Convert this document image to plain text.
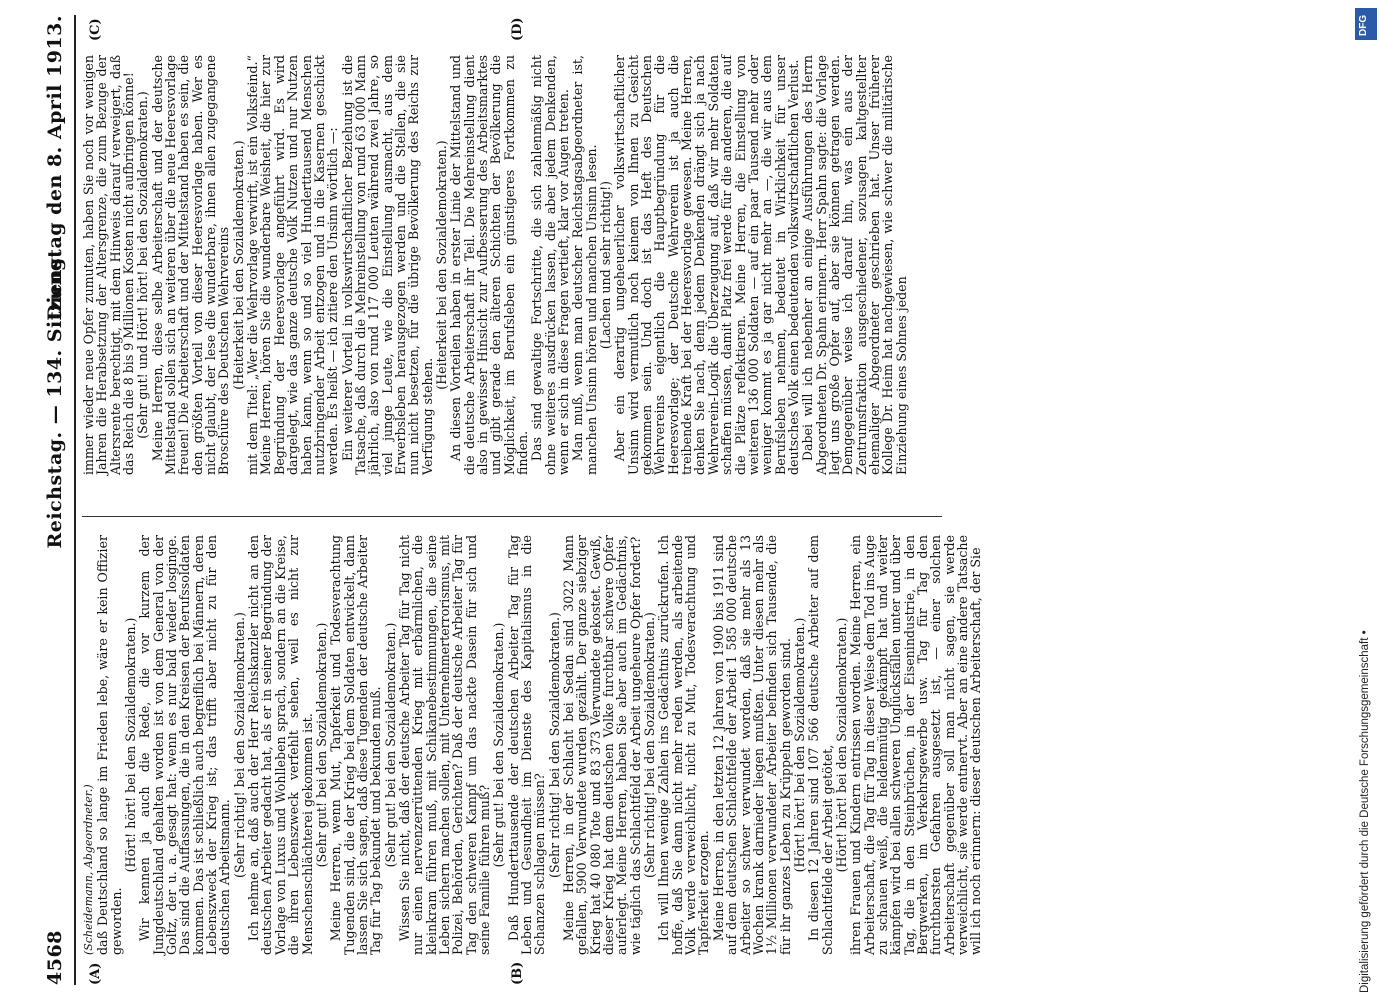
4568
Reichstag. — 134. Sitzung.
Dienstag den 8. April 1913.
(A)	(B)
(C)	(D)

(Scheidemann, Abgeordneter.) daß Deutschland so lange im Frieden lebe, wäre er kein Offizier geworden.

(Hört! hört! bei den Sozialdemokraten.) Wir kennen ja auch die Rede, die vor kurzem der Jungdeutschland gehalten worden ist von dem General von der Goltz, der u. a. gesagt hat: wenn es nur bald wieder losginge. Das sind die Auffassungen, die in den Kreisen der Berufssoldaten kommen. Das ist schließlich auch begreiflich bei Männern, deren Lebenszweck der Krieg ist; das trifft aber nicht zu für den deutschen Arbeitsmann. (Sehr richtig! bei den Sozialdemokraten.) Ich nehme an, daß auch der Herr Reichskanzler nicht an den deutschen Arbeiter gedacht hat, als er in seiner Begründung der Vorlage von Luxus und Wohlleben sprach, sondern an die Kreise, die ihren Lebenszweck verfehlt sehen, weil es nicht zur Menschenschlächterei gekommen ist. (Sehr gut! bei den Sozialdemokraten.) Meine Herren, wenn Mut, Tapferkeit und Todesverachtung Tugenden sind, die der Krieg bei dem Soldaten entwickelt, dann lassen Sie sich sagen, daß diese Tugenden der deutsche Arbeiter Tag für Tag bekundet und bekunden muß. (Sehr gut! bei den Sozialdemokraten.) Wissen Sie nicht, daß der deutsche Arbeiter Tag für Tag nicht nur einen nervenzerrüttenden Krieg mit erbärmlichen, die kleinkram führen muß, mit Schikanebestimmungen, die seine Leben sichern machen sollen, mit Unternehmerterrorismus, mit Polizei, Behörden, Gerichten? Daß der deutsche Arbeiter Tag für Tag den schweren Kampf um das nackte Dasein für sich und seine Familie führen muß?

(Sehr gut! bei den Sozialdemokraten.) Daß Hunderttausende der deutschen Arbeiter Tag für Tag Leben und Gesundheit im Dienste des Kapitalismus in die Schanzen schlagen müssen? (Sehr richtig! bei den Sozialdemokraten.) Meine Herren, in der Schlacht bei Sedan sind 3022 Mann gefallen, 5900 Verwundete wurden gezählt. Der ganze siebziger Krieg hat 40 080 Tote und 83 373 Verwundete gekostet. Gewiß, dieser Krieg hat dem deutschen Volke furchtbar schwere Opfer auferlegt. Meine Herren, haben Sie aber auch im Gedächtnis, wie täglich das Schlachtfeld der Arbeit ungeheure Opfer fordert? (Sehr richtig! bei den Sozialdemokraten.) Ich will Ihnen wenige Zahlen ins Gedächtnis zurückrufen. Ich hoffe, daß Sie dann nicht mehr reden werden, als arbeitende Volk werde verweichlicht, nicht zu Mut, Todesverachtung und Tapferkeit erzogen. Meine Herren, in den letzten 12 Jahren von 1900 bis 1911 sind auf dem deutschen Schlachtfelde der Arbeit 1 585 000 deutsche Arbeiter so schwer verwundet worden, daß sie mehr als 13 Wochen krank darnieder liegen mußten. Unter diesen mehr als 1½ Millionen verwundeter Arbeiter befinden sich Tausende, die für ihr ganzes Leben zu Krüppeln geworden sind. (Hört! hört! bei den Sozialdemokraten.) In diesen 12 Jahren sind 107 566 deutsche Arbeiter auf dem Schlachtfelde der Arbeit getötet, (Hört! hört! bei den Sozialdemokraten.) ihren Frauen und Kindern entrissen worden. Meine Herren, ein Arbeiterschaft, die Tag für Tag in dieser Weise dem Tod ins Auge zu schauen weiß, die heldenmütig gekämpft hat und weiter kämpfen wird bei allen schweren Unglücksfällen unter und über Tag, die in den Steinbrüchen, in der Eisenindustrie, in den Bergwerken, im Verkehrsgewerbe usw. Tag für Tag den furchtbarsten Gefahren ausgesetzt ist, — einer solchen Arbeiterschaft gegenüber soll man nicht sagen, sie werde verweichlicht, sie werde entnervt. Aber an eine andere Tatsache will ich noch erinnern: dieser deutschen Arbeiterschaft, der Sie

immer wieder neue Opfer zumuten, haben Sie noch vor wenigen Jahren die Herabsetzung der Altersgrenze, die zum Bezuge der Altersrente berechtigt, mit dem Hinweis darauf verweigert, daß das Reich die 8 bis 9 Millionen Kosten nicht aufbringen könne! (Sehr gut! und Hört! hört! bei den Sozialdemokraten.) Meine Herren, diese selbe Arbeiterschaft und der deutsche Mittelstand sollen sich an weiteren über die neue Heeresvorlage freuen! Die Arbeiterschaft und der Mittelstand haben es sein, die den größten Vorteil von dieser Heeresvorlage haben. Wer es nicht glaubt, der lese die wunderbare, ihnen allen zugegangene Broschüre des Deutschen Wehrvereins (Heiterkeit bei den Sozialdemokraten.) mit dem Titel: „Wer die Wehrvorlage verwirft, ist ein Volksfeind.“ Meine Herren, hören Sie die wunderbare Weisheit, die hier zur Begründung der Heeresvorlage angeführt wird. Es wird dargelegt, wie das ganze deutsche Volk Nutzen und nur Nutzen haben kann, wenn so und so viel Hunderttausend Menschen nutzbringender Arbeit entzogen und in die Kasernen geschickt werden. Es heißt — ich zitiere den Unsinn wörtlich —: Ein weiterer Vorteil in volkswirtschaftlicher Beziehung ist die Tatsache, daß durch die Mehreinstellung von rund 63 000 Mann jährlich, also von rund 117 000 Leuten während zwei Jahre, so viel junge Leute, wie die Einstellung ausmacht, aus dem Erwerbsleben herausgezogen werden und die Stellen, die sie nun nicht besetzen, für die übrige Bevölkerung des Reichs zur Verfügung stehen.

(Heiterkeit bei den Sozialdemokraten.) An diesen Vorteilen haben in erster Linie der Mittelstand und die deutsche Arbeiterschaft ihr Teil. Die Mehreinstellung dient also in gewisser Hinsicht zur Aufbesserung des Arbeitsmarktes und gibt gerade den älteren Schichten der Bevölkerung die Möglichkeit, im Berufsleben ein günstigeres Fortkommen zu finden. Das sind gewaltige Fortschritte, die sich zahlenmäßig nicht ohne weiteres ausdrücken lassen, die aber jedem Denkenden, wenn er sich in diese Fragen vertieft, klar vor Augen treten. Man muß, wenn man deutscher Reichstagsabgeordneter ist, manchen Unsinn hören und manchen Unsinn lesen. (Lachen und sehr richtig!) Aber ein derartig ungeheuerlicher volkswirtschaftlicher Unsinn wird vermutlich noch keinem von Ihnen zu Gesicht gekommen sein. Und doch ist das Heft des Deutschen Wehrvereins eigentlich die Hauptbegründung für die Heeresvorlage; der Deutsche Wehrverein ist ja auch die treibende Kraft bei der Heeresvorlage gewesen. Meine Herren, denken Sie nach, denn jedem Denkenden drängt sich ja nach Wehrverein-Logik die Überzeugung auf, daß wir mehr Soldaten schaffen müssen, damit Platz frei werde für die anderen, die auf die Plätze reflektieren. Meine Herren, die Einstellung von weiteren 136 000 Soldaten — auf ein paar Tausend mehr oder weniger kommt es ja gar nicht mehr an —, die wir aus dem Berufsleben nehmen, bedeutet in Wirklichkeit für unser deutsches Volk einen bedeutenden volkswirtschaftlichen Verlust. Dabei will ich nebenher an einige Ausführungen des Herrn Abgeordneten Dr. Spahn erinnern. Herr Spahn sagte: die Vorlage legt uns große Opfer auf, aber sie können getragen werden. Demgegenüber weise ich darauf hin, was ein aus der Zentrumsfraktion ausgeschiedener, sozusagen kaltgestellter ehemaliger Abgeordneter geschrieben hat. Unser früherer Kollege Dr. Heim hat nachgewiesen, wie schwer die militärische Einziehung eines Sohnes jeden

Digitalisierung gefördert durch die Deutsche Forschungsgemeinschaft •
DFG
